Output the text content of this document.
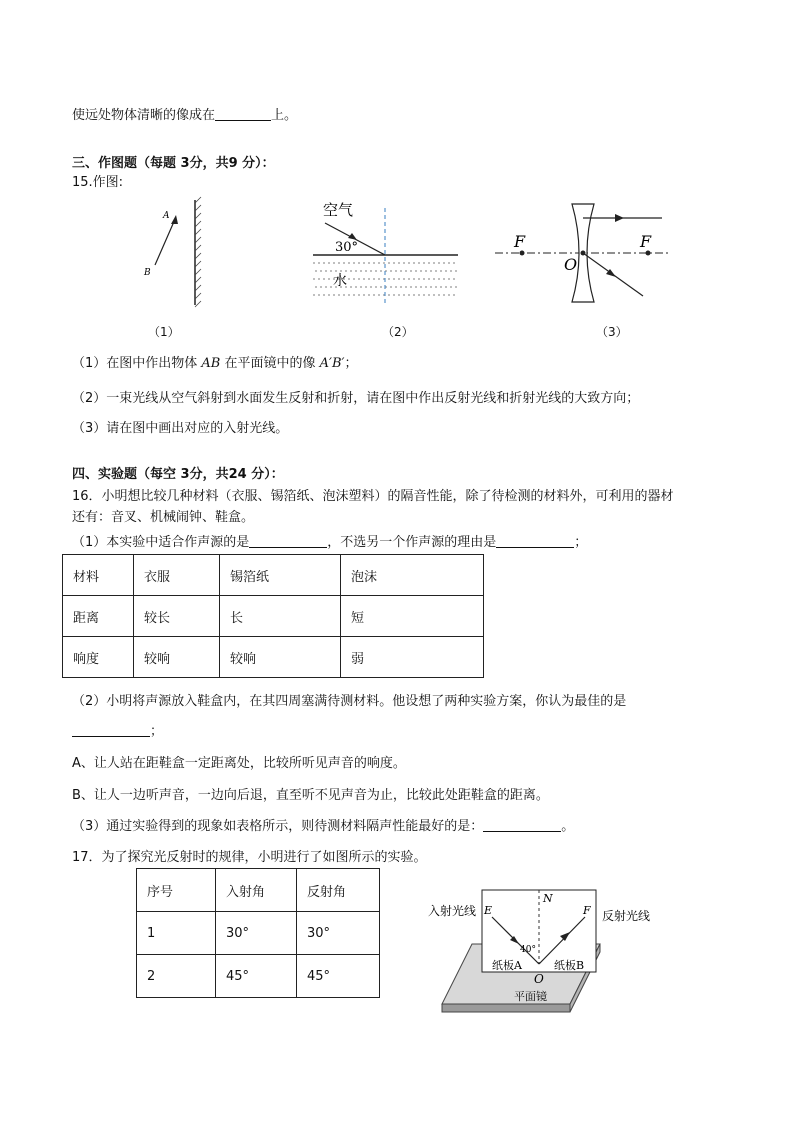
使远处物体清晰的像成在	上。
三、作图题（每题 3分，共9 分）：
15.作图:
A
B
空气
30°
水
F
O
F
（1）	（2）	（3）
（1）在图中作出物体 AB 在平面镜中的像 A′B′；
（2）一束光线从空气斜射到水面发生反射和折射，请在图中作出反射光线和折射光线的大致方向；
（3）请在图中画出对应的入射光线。
四、实验题（每空 3分，共24 分）：
16．小明想比较几种材料（衣服、锡箔纸、泡沫塑料）的隔音性能，除了待检测的材料外，可利用的器材
还有：音叉、机械闹钟、鞋盒。
（1）本实验中适合作声源的是	，不选另一个作声源的理由是	；
材料	衣服	锡箔纸	泡沫
距离	较长	长	短
响度	较响	较响	弱
（2）小明将声源放入鞋盒内，在其四周塞满待测材料。他设想了两种实验方案，你认为最佳的是
；
A、让人站在距鞋盒一定距离处，比较所听见声音的响度。
B、让人一边听声音，一边向后退，直至听不见声音为止，比较此处距鞋盒的距离。
（3）通过实验得到的现象如表格所示，则待测材料隔声性能最好的是：	。
17．为了探究光反射时的规律，小明进行了如图所示的实验。
序号	入射角	反射角
1	30°	30°
2	45°	45°
E
N
F
40°
纸板A	纸板B
O
平面镜
入射光线	反射光线
